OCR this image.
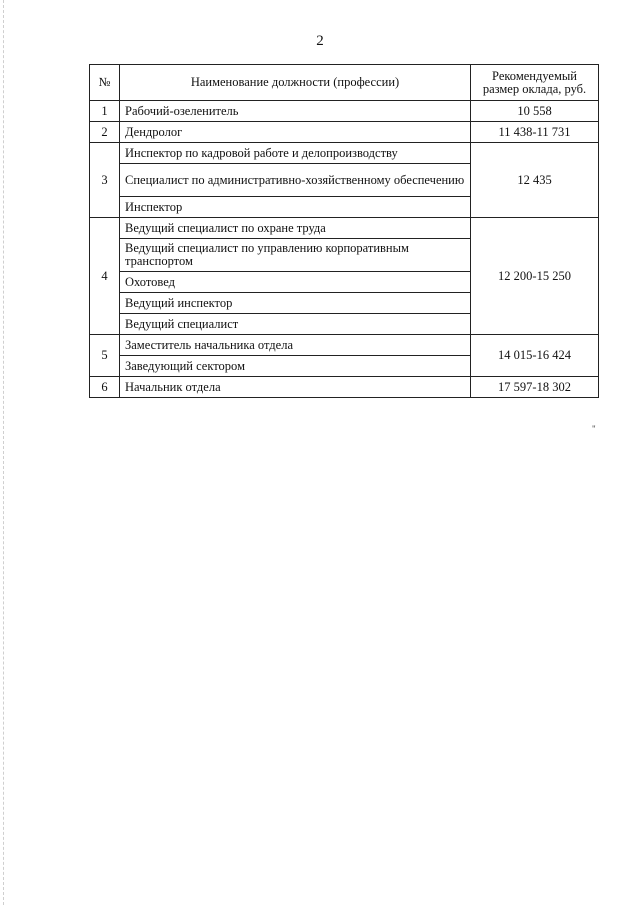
2
№	Наименование должности (профессии)	Рекомендуемый
размер оклада, руб.
1	Рабочий-озеленитель	10 558
2	Дендролог	11 438-11 731
3	Инспектор по кадровой работе и делопроизводству	12 435
	Специалист по административно-хозяйственному обеспечению	
	Инспектор	
4	Ведущий специалист по охране труда	12 200-15 250
	Ведущий специалист по управлению корпоративным транспортом	
	Охотовед	
	Ведущий инспектор	
	Ведущий специалист	
5	Заместитель начальника отдела	14 015-16 424
	Заведующий сектором	
6	Начальник отдела	17 597-18 302
"
